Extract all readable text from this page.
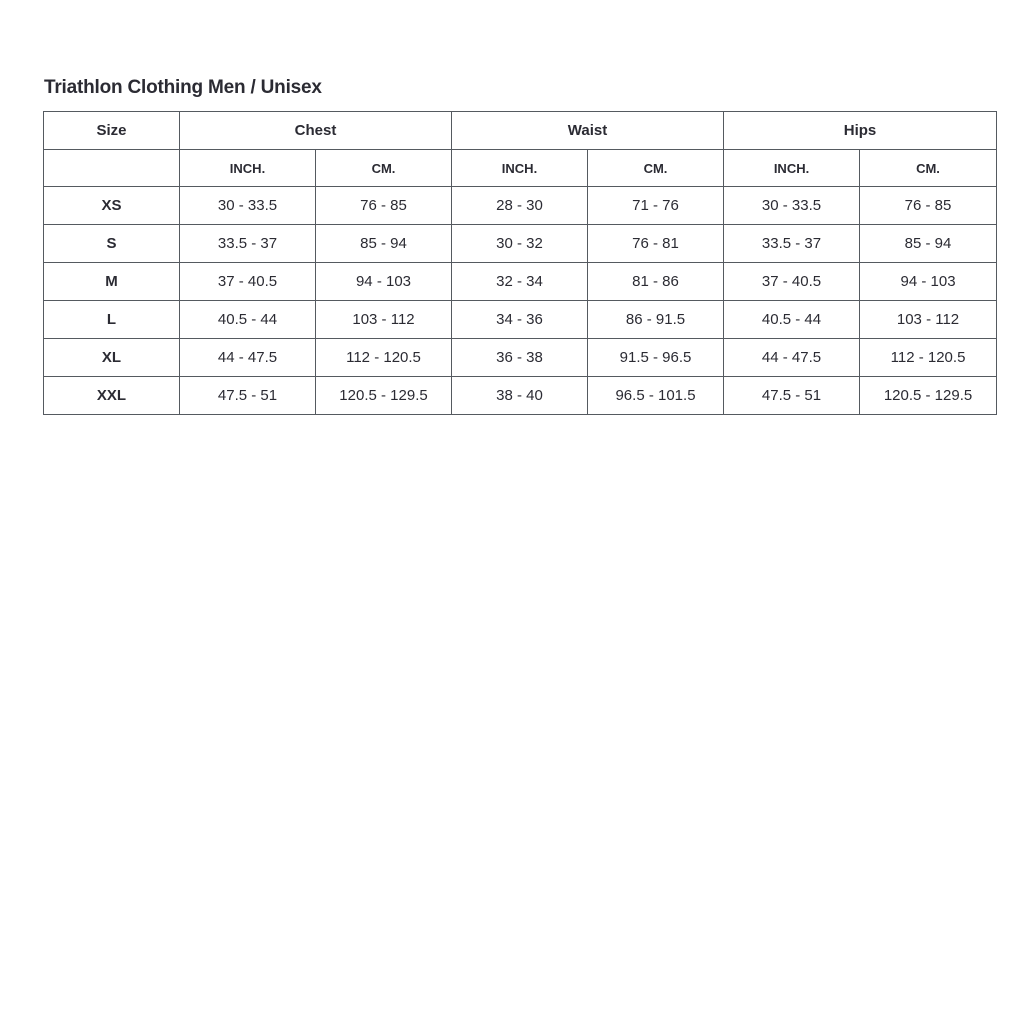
Triathlon Clothing Men / Unisex
Size	Chest		Waist		Hips	
	INCH.	CM.	INCH.	CM.	INCH.	CM.
XS	30 - 33.5	76 - 85	28 - 30	71 - 76	30 - 33.5	76 - 85
S	33.5 - 37	85 - 94	30 - 32	76 - 81	33.5 - 37	85 - 94
M	37 - 40.5	94 - 103	32 - 34	81 - 86	37 - 40.5	94 - 103
L	40.5 - 44	103 - 112	34 - 36	86 - 91.5	40.5 - 44	103 - 112
XL	44 - 47.5	112 - 120.5	36 - 38	91.5 - 96.5	44 - 47.5	112 - 120.5
XXL	47.5 - 51	120.5 - 129.5	38 - 40	96.5 - 101.5	47.5 - 51	120.5 - 129.5
